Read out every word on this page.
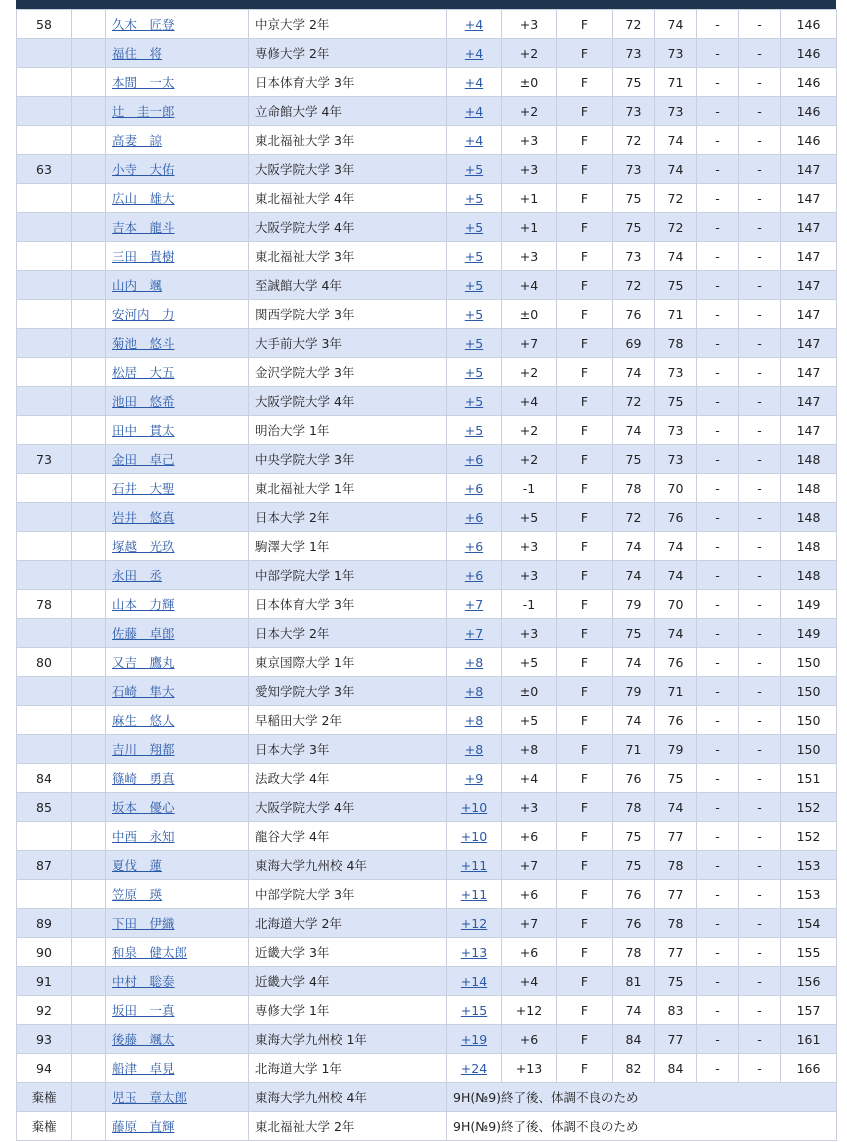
58		久木　匠登	中京大学 2年	+4	+3	F	72	74	-	-	146
		福住　将	専修大学 2年	+4	+2	F	73	73	-	-	146
		本間　一太	日本体育大学 3年	+4	±0	F	75	71	-	-	146
		辻　圭一郎	立命館大学 4年	+4	+2	F	73	73	-	-	146
		高妻　諒	東北福祉大学 3年	+4	+3	F	72	74	-	-	146
63		小寺　大佑	大阪学院大学 3年	+5	+3	F	73	74	-	-	147
		広山　雄大	東北福祉大学 4年	+5	+1	F	75	72	-	-	147
		吉本　龍斗	大阪学院大学 4年	+5	+1	F	75	72	-	-	147
		三田　貴樹	東北福祉大学 3年	+5	+3	F	73	74	-	-	147
		山内　颯	至誠館大学 4年	+5	+4	F	72	75	-	-	147
		安河内　力	関西学院大学 3年	+5	±0	F	76	71	-	-	147
		菊池　悠斗	大手前大学 3年	+5	+7	F	69	78	-	-	147
		松居　大五	金沢学院大学 3年	+5	+2	F	74	73	-	-	147
		池田　悠希	大阪学院大学 4年	+5	+4	F	72	75	-	-	147
		田中　貫太	明治大学 1年	+5	+2	F	74	73	-	-	147
73		金田　卓己	中央学院大学 3年	+6	+2	F	75	73	-	-	148
		石井　大聖	東北福祉大学 1年	+6	-1	F	78	70	-	-	148
		岩井　悠真	日本大学 2年	+6	+5	F	72	76	-	-	148
		塚越　光玖	駒澤大学 1年	+6	+3	F	74	74	-	-	148
		永田　丞	中部学院大学 1年	+6	+3	F	74	74	-	-	148
78		山本　力輝	日本体育大学 3年	+7	-1	F	79	70	-	-	149
		佐藤　卓郎	日本大学 2年	+7	+3	F	75	74	-	-	149
80		又吉　鷹丸	東京国際大学 1年	+8	+5	F	74	76	-	-	150
		石崎　隼大	愛知学院大学 3年	+8	±0	F	79	71	-	-	150
		麻生　悠人	早稲田大学 2年	+8	+5	F	74	76	-	-	150
		吉川　翔都	日本大学 3年	+8	+8	F	71	79	-	-	150
84		篠崎　勇真	法政大学 4年	+9	+4	F	76	75	-	-	151
85		坂本　優心	大阪学院大学 4年	+10	+3	F	78	74	-	-	152
		中西　永知	龍谷大学 4年	+10	+6	F	75	77	-	-	152
87		夏伐　蓮	東海大学九州校 4年	+11	+7	F	75	78	-	-	153
		笠原　瑛	中部学院大学 3年	+11	+6	F	76	77	-	-	153
89		下田　伊織	北海道大学 2年	+12	+7	F	76	78	-	-	154
90		和泉　健太郎	近畿大学 3年	+13	+6	F	78	77	-	-	155
91		中村　聡泰	近畿大学 4年	+14	+4	F	81	75	-	-	156
92		坂田　一真	専修大学 1年	+15	+12	F	74	83	-	-	157
93		後藤　颯太	東海大学九州校 1年	+19	+6	F	84	77	-	-	161
94		船津　卓見	北海道大学 1年	+24	+13	F	82	84	-	-	166
棄権		児玉　章太郎	東海大学九州校 4年	9H(№9)終了後、体調不良のため							
棄権		藤原　直輝	東北福祉大学 2年	9H(№9)終了後、体調不良のため							
